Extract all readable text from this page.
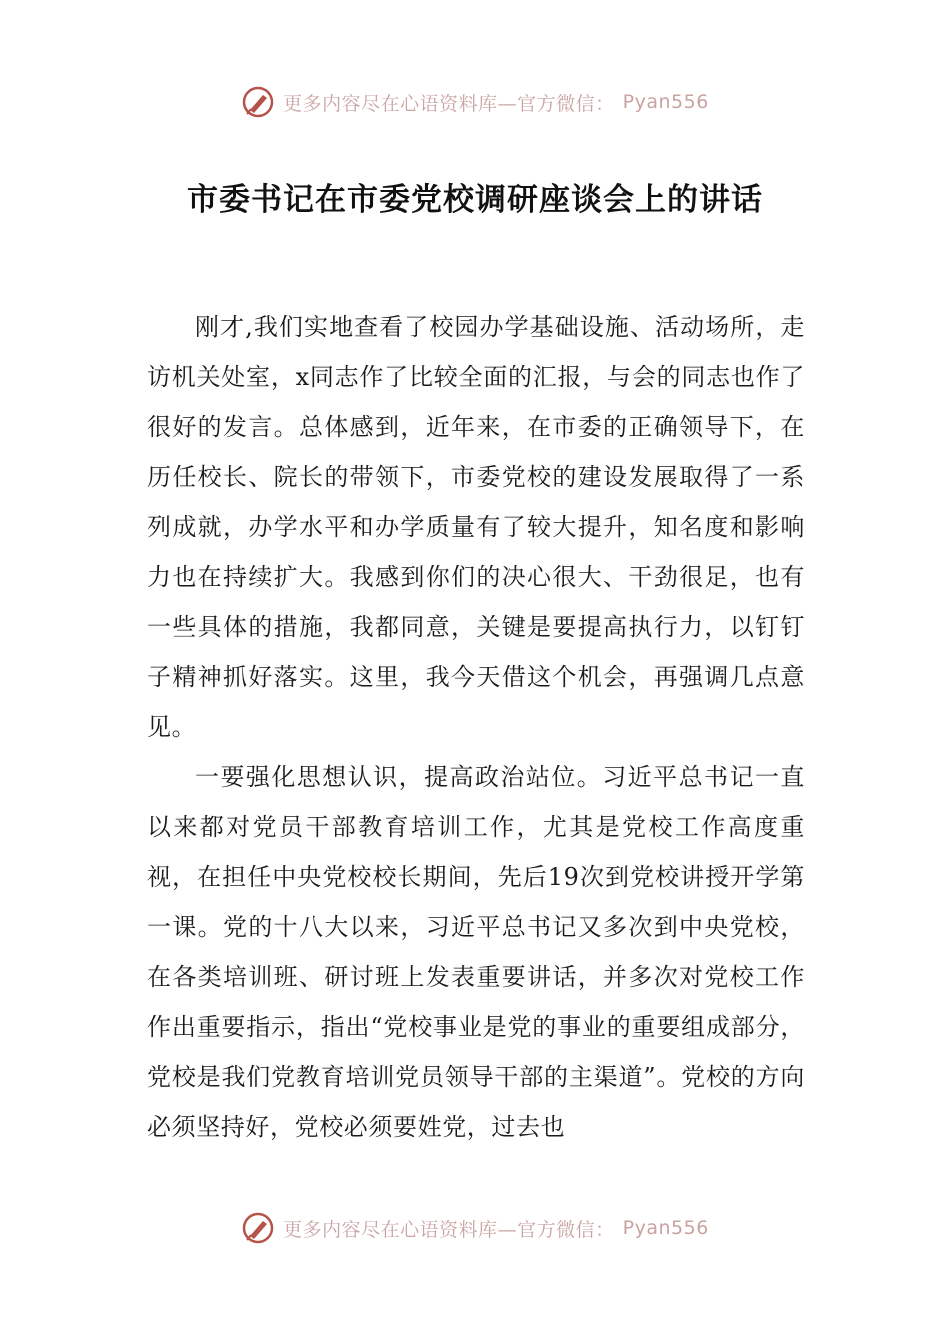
更多内容尽在心语资料库—官方微信： Pyan556
市委书记在市委党校调研座谈会上的讲话

刚才,我们实地查看了校园办学基础设施、活动场所，走访机关处室，x同志作了比较全面的汇报，与会的同志也作了很好的发言。总体感到，近年来，在市委的正确领导下，在历任校长、院长的带领下，市委党校的建设发展取得了一系列成就，办学水平和办学质量有了较大提升，知名度和影响力也在持续扩大。我感到你们的决心很大、干劲很足，也有一些具体的措施，我都同意，关键是要提高执行力，以钉钉子精神抓好落实。这里，我今天借这个机会，再强调几点意见。

一要强化思想认识，提高政治站位。习近平总书记一直以来都对党员干部教育培训工作，尤其是党校工作高度重视，在担任中央党校校长期间，先后19次到党校讲授开学第一课。党的十八大以来，习近平总书记又多次到中央党校，在各类培训班、研讨班上发表重要讲话，并多次对党校工作作出重要指示，指出“党校事业是党的事业的重要组成部分，党校是我们党教育培训党员领导干部的主渠道”。党校的方向必须坚持好，党校必须要姓党，过去也

更多内容尽在心语资料库—官方微信： Pyan556
